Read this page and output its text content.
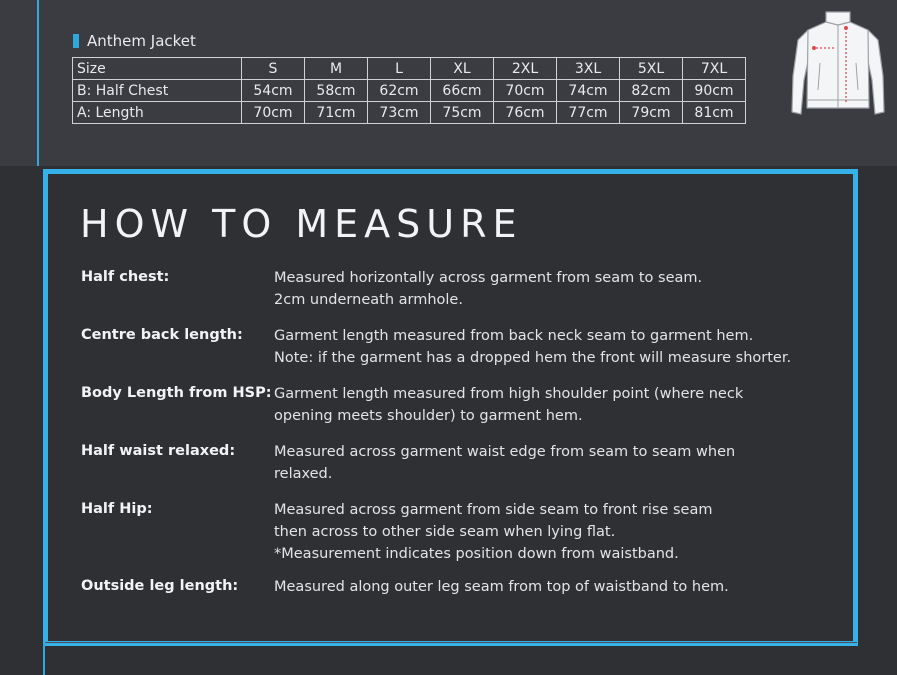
Anthem Jacket
Size	S	M	L	XL	2XL	3XL	5XL	7XL
B: Half Chest	54cm	58cm	62cm	66cm	70cm	74cm	82cm	90cm
A: Length	70cm	71cm	73cm	75cm	76cm	77cm	79cm	81cm
HOW TO MEASURE
Half chest:	Measured horizontally across garment from seam to seam.
2cm underneath armhole.
Centre back length: Garment length measured from back neck seam to garment hem.
Note: if the garment has a dropped hem the front will measure shorter.
Body Length from HSP: Garment length measured from high shoulder point (where neck
opening meets shoulder) to garment hem.
Half waist relaxed:	Measured across garment waist edge from seam to seam when
relaxed.
Half Hip:	Measured across garment from side seam to front rise seam
then across to other side seam when lying flat.
*Measurement indicates position down from waistband.
Outside leg length: Measured along outer leg seam from top of waistband to hem.
